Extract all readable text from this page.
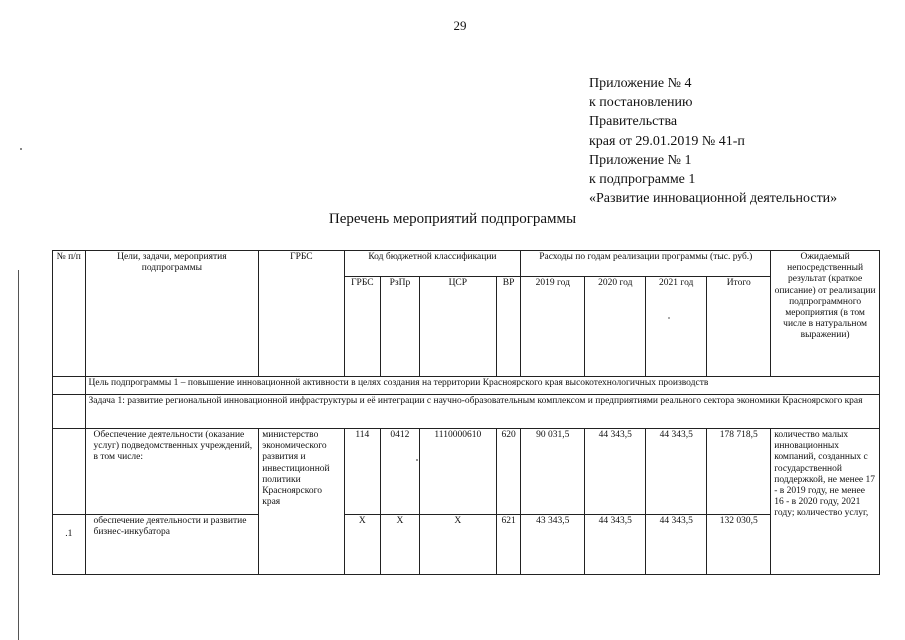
29
Приложение № 4
к постановлению
Правительства
края от 29.01.2019 № 41-п
Приложение № 1
к подпрограмме 1
«Развитие инновационной деятельности»
Перечень мероприятий подпрограммы
№ п/п	Цели, задачи, мероприятия подпрограммы	ГРБС	Код бюджетной классификации				Расходы по годам реализации программы (тыс. руб.)				Ожидаемый непосредственный результат (краткое описание) от реализации подпрограммного мероприятия (в том числе в натуральном выражении)
			ГРБС	РзПр	ЦСР	ВР	2019 год	2020 год	2021 год	Итого	
	Цель подпрограммы 1 – повышение инновационной активности в целях создания на территории Красноярского края высокотехнологичных производств										
	Задача 1: развитие региональной инновационной инфраструктуры и её интеграции с научно-образовательным комплексом и предприятиями реального сектора экономики Красноярского края										
	Обеспечение деятельности (оказание услуг) подведомственных учреждений, в том числе:	министерство экономического развития и инвестиционной политики Красноярского края	114	0412	1110000610	620	90 031,5	44 343,5	44 343,5	178 718,5	количество малых инновационных компаний, созданных с государственной поддержкой, не менее 17 - в 2019 году, не менее 16 - в 2020 году, 2021 году; количество услуг,
.1	обеспечение деятельности и развитие бизнес-инкубатора		Х	Х	Х	621	43 343,5	44 343,5	44 343,5	132 030,5	
